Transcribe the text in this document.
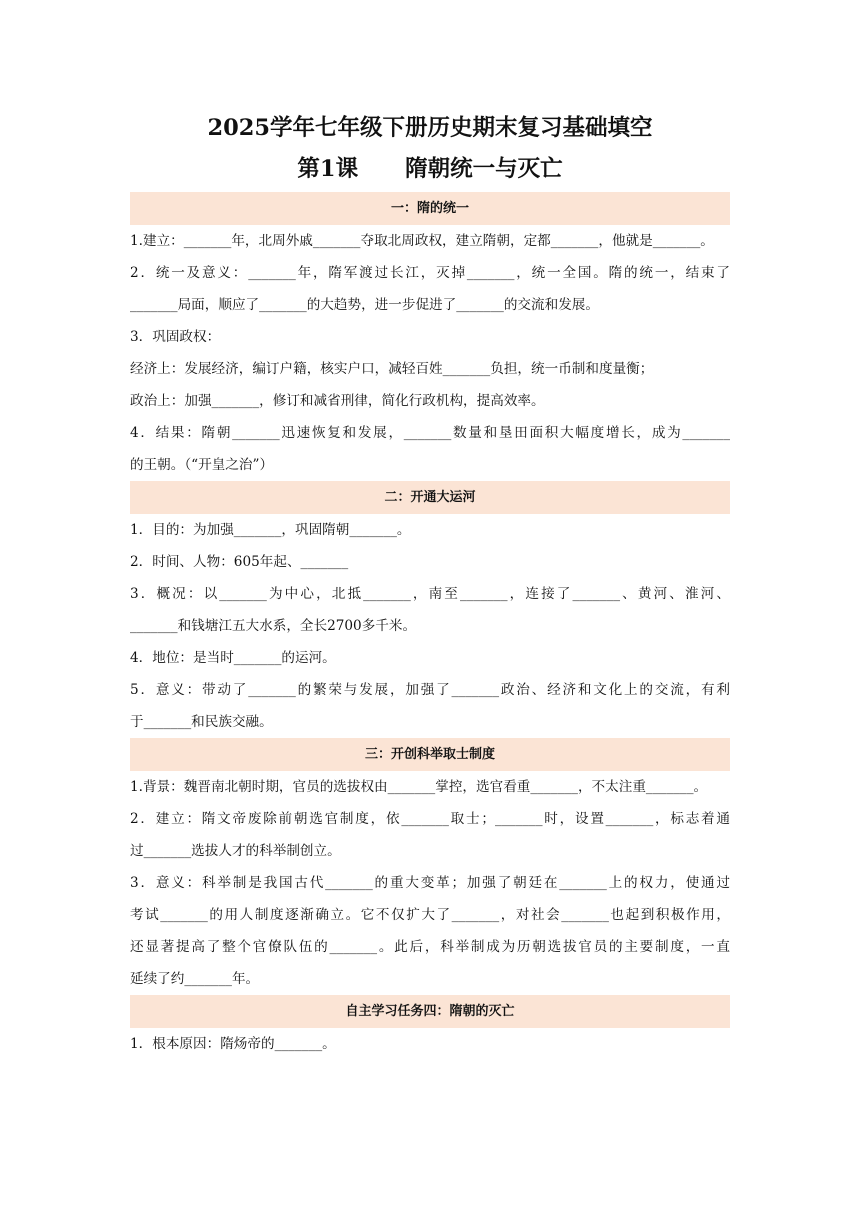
2025学年七年级下册历史期末复习基础填空
第1课      隋朝统一与灭亡
一：隋的统一
1.建立：_______年，北周外戚_______夺取北周政权，建立隋朝，定都_______，他就是_______。
2．统一及意义：_______年，隋军渡过长江，灭掉_______，统一全国。隋的统一，结束了
_______局面，顺应了_______的大趋势，进一步促进了_______的交流和发展。
3．巩固政权：
经济上：发展经济，编订户籍，核实户口，减轻百姓_______负担，统一币制和度量衡；
政治上：加强_______，修订和减省刑律，简化行政机构，提高效率。
4．结果：隋朝_______迅速恢复和发展，_______数量和垦田面积大幅度增长，成为_______
的王朝。（“开皇之治”）
二：开通大运河
1．目的：为加强_______，巩固隋朝_______。
2．时间、人物：605年起、_______
3．概况：以_______为中心，北抵_______，南至_______，连接了_______、黄河、淮河、
_______和钱塘江五大水系，全长2700多千米。
4．地位：是当时_______的运河。
5．意义：带动了_______的繁荣与发展，加强了_______政治、经济和文化上的交流，有利
于_______和民族交融。
三：开创科举取士制度
1.背景：魏晋南北朝时期，官员的选拔权由_______掌控，选官看重_______，不太注重_______。
2．建立：隋文帝废除前朝选官制度，依_______取士；_______时，设置_______，标志着通
过_______选拔人才的科举制创立。
3．意义：科举制是我国古代_______的重大变革；加强了朝廷在_______上的权力，使通过
考试_______的用人制度逐渐确立。它不仅扩大了_______，对社会_______也起到积极作用，
还显著提高了整个官僚队伍的_______。此后，科举制成为历朝选拔官员的主要制度，一直
延续了约_______年。
自主学习任务四：隋朝的灭亡
1．根本原因：隋炀帝的_______。
